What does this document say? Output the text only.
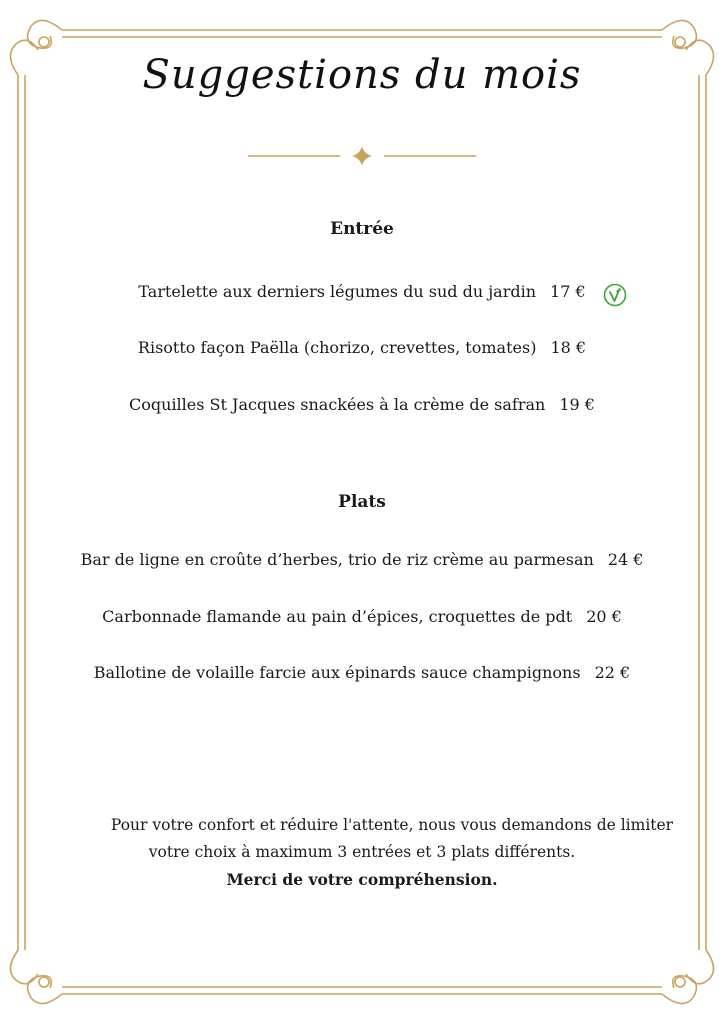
Suggestions du mois
Entrée
Tartelette aux derniers légumes du sud du jardin 17 €
Risotto façon Paëlla (chorizo, crevettes, tomates) 18 €
Coquilles St Jacques snackées à la crème de safran 19 €
Plats
Bar de ligne en croûte d’herbes, trio de riz crème au parmesan 24 €
Carbonnade flamande au pain d’épices, croquettes de pdt 20 €
Ballotine de volaille farcie aux épinards sauce champignons 22 €
Pour votre confort et réduire l'attente, nous vous demandons de limiter
votre choix à maximum 3 entrées et 3 plats différents.
Merci de votre compréhension.
